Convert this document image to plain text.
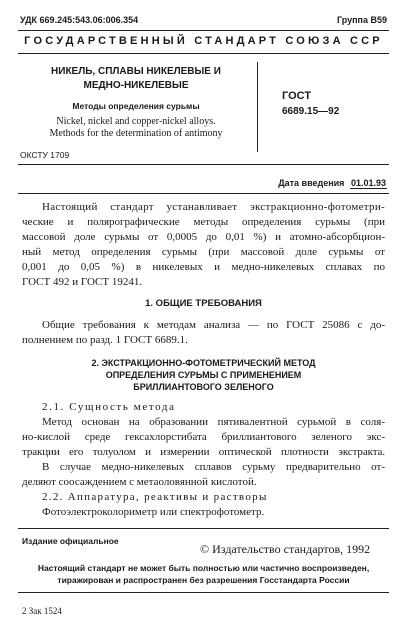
УДК 669.245:543.06:006.354	Группа В59
ГОСУДАРСТВЕННЫЙ СТАНДАРТ СОЮЗА ССР
НИКЕЛЬ, СПЛАВЫ НИКЕЛЕВЫЕ И
МЕДНО-НИКЕЛЕВЫЕ
Методы определения сурьмы
Nickel, nickel and copper-nickel alloys.
Methods for the determination of antimony
ГОСТ
6689.15—92
ОКСТУ 1709
Дата введения 01.01.93
Настоящий стандарт устанавливает экстракционно-фотометри-
ческие и полярографические методы определения сурьмы (при
массовой доле сурьмы от 0,0005 до 0,01 %) и атомно-абсорбцион-
ный метод определения сурьмы (при массовой доле сурьмы от
0,001 до 0,05 %) в никелевых и медно-никелевых сплавах по
ГОСТ 492 и ГОСТ 19241.
1. ОБЩИЕ ТРЕБОВАНИЯ
Общие требования к методам анализа — по ГОСТ 25086 с до-
полнением по разд. 1 ГОСТ 6689.1.
2. ЭКСТРАКЦИОННО-ФОТОМЕТРИЧЕСКИЙ МЕТОД
ОПРЕДЕЛЕНИЯ СУРЬМЫ С ПРИМЕНЕНИЕМ
БРИЛЛИАНТОВОГО ЗЕЛЕНОГО
2.1. Сущность метода
Метод основан на образовании пятивалентной сурьмой в соля-
но-кислой среде гексахлорстибата бриллиантового зеленого экс-
тракции его толуолом и измерении оптической плотности экстракта.
В случае медно-никелевых сплавов сурьму предварительно от-
деляют соосаждением с метаоловянной кислотой.
2.2. Аппаратура, реактивы и растворы
Фотоэлектроколориметр или спектрофотометр.
Издание официальное
© Издательство стандартов, 1992
Настоящий стандарт не может быть полностью или частично воспроизведен,
тиражирован и распространен без разрешения Госстандарта России
2 Зак 1524
